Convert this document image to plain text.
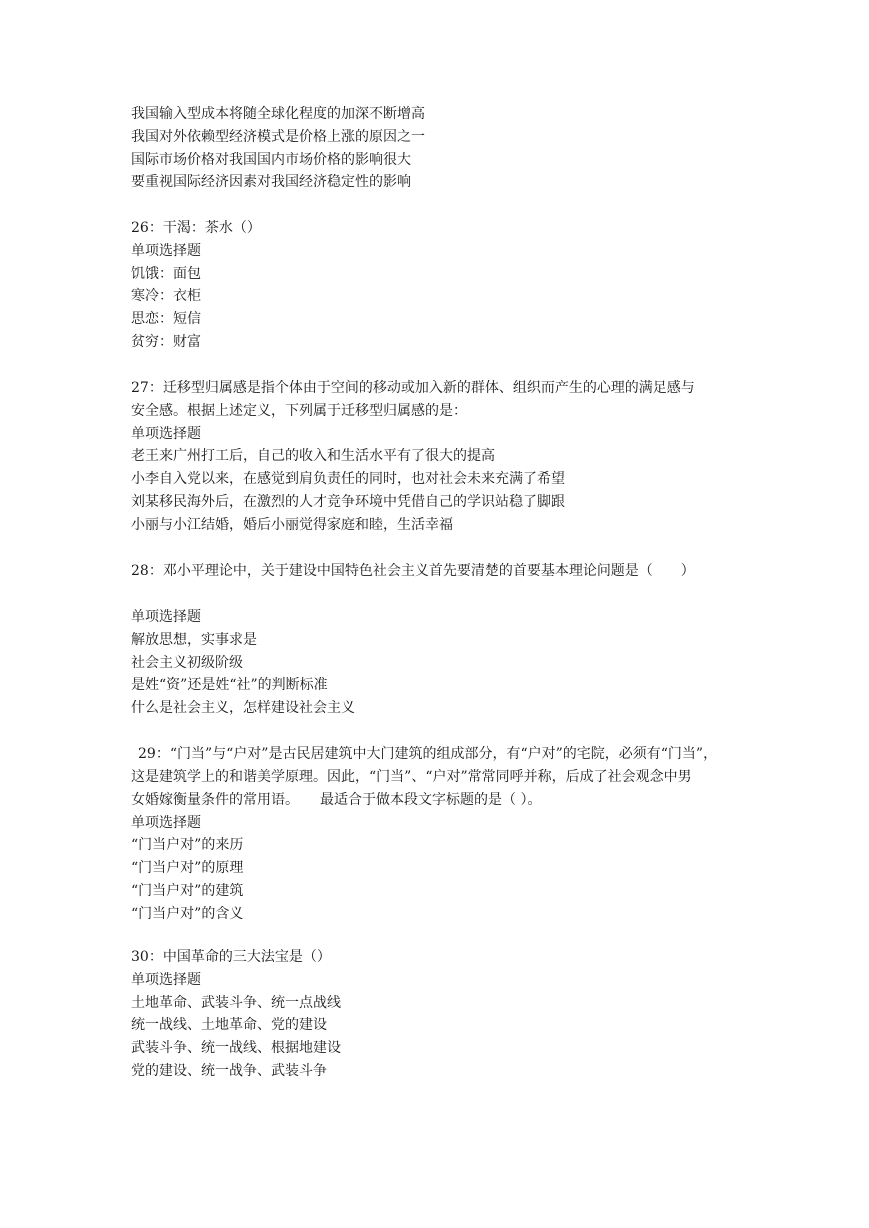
我国输入型成本将随全球化程度的加深不断增高
我国对外依赖型经济模式是价格上涨的原因之一
国际市场价格对我国国内市场价格的影响很大
要重视国际经济因素对我国经济稳定性的影响
26：干渴：茶水（）
单项选择题
饥饿：面包
寒冷：衣柜
思恋：短信
贫穷：财富
27：迁移型归属感是指个体由于空间的移动或加入新的群体、组织而产生的心理的满足感与
安全感。根据上述定义，下列属于迁移型归属感的是：
单项选择题
老王来广州打工后，自己的收入和生活水平有了很大的提高
小李自入党以来，在感觉到肩负责任的同时，也对社会未来充满了希望
刘某移民海外后，在激烈的人才竞争环境中凭借自己的学识站稳了脚跟
小丽与小江结婚，婚后小丽觉得家庭和睦，生活幸福
28：邓小平理论中，关于建设中国特色社会主义首先要清楚的首要基本理论问题是（　　）
单项选择题
解放思想，实事求是
社会主义初级阶级
是姓“资”还是姓“社”的判断标准
什么是社会主义，怎样建设社会主义
29：“门当”与“户对”是古民居建筑中大门建筑的组成部分，有“户对”的宅院，必须有“门当”，
这是建筑学上的和谐美学原理。因此，“门当”、“户对”常常同呼并称，后成了社会观念中男
女婚嫁衡量条件的常用语。　　最适合于做本段文字标题的是（ ）。
单项选择题
“门当户对”的来历
“门当户对”的原理
“门当户对”的建筑
“门当户对”的含义
30：中国革命的三大法宝是（）
单项选择题
土地革命、武装斗争、统一点战线
统一战线、土地革命、党的建设
武装斗争、统一战线、根据地建设
党的建设、统一战争、武装斗争
